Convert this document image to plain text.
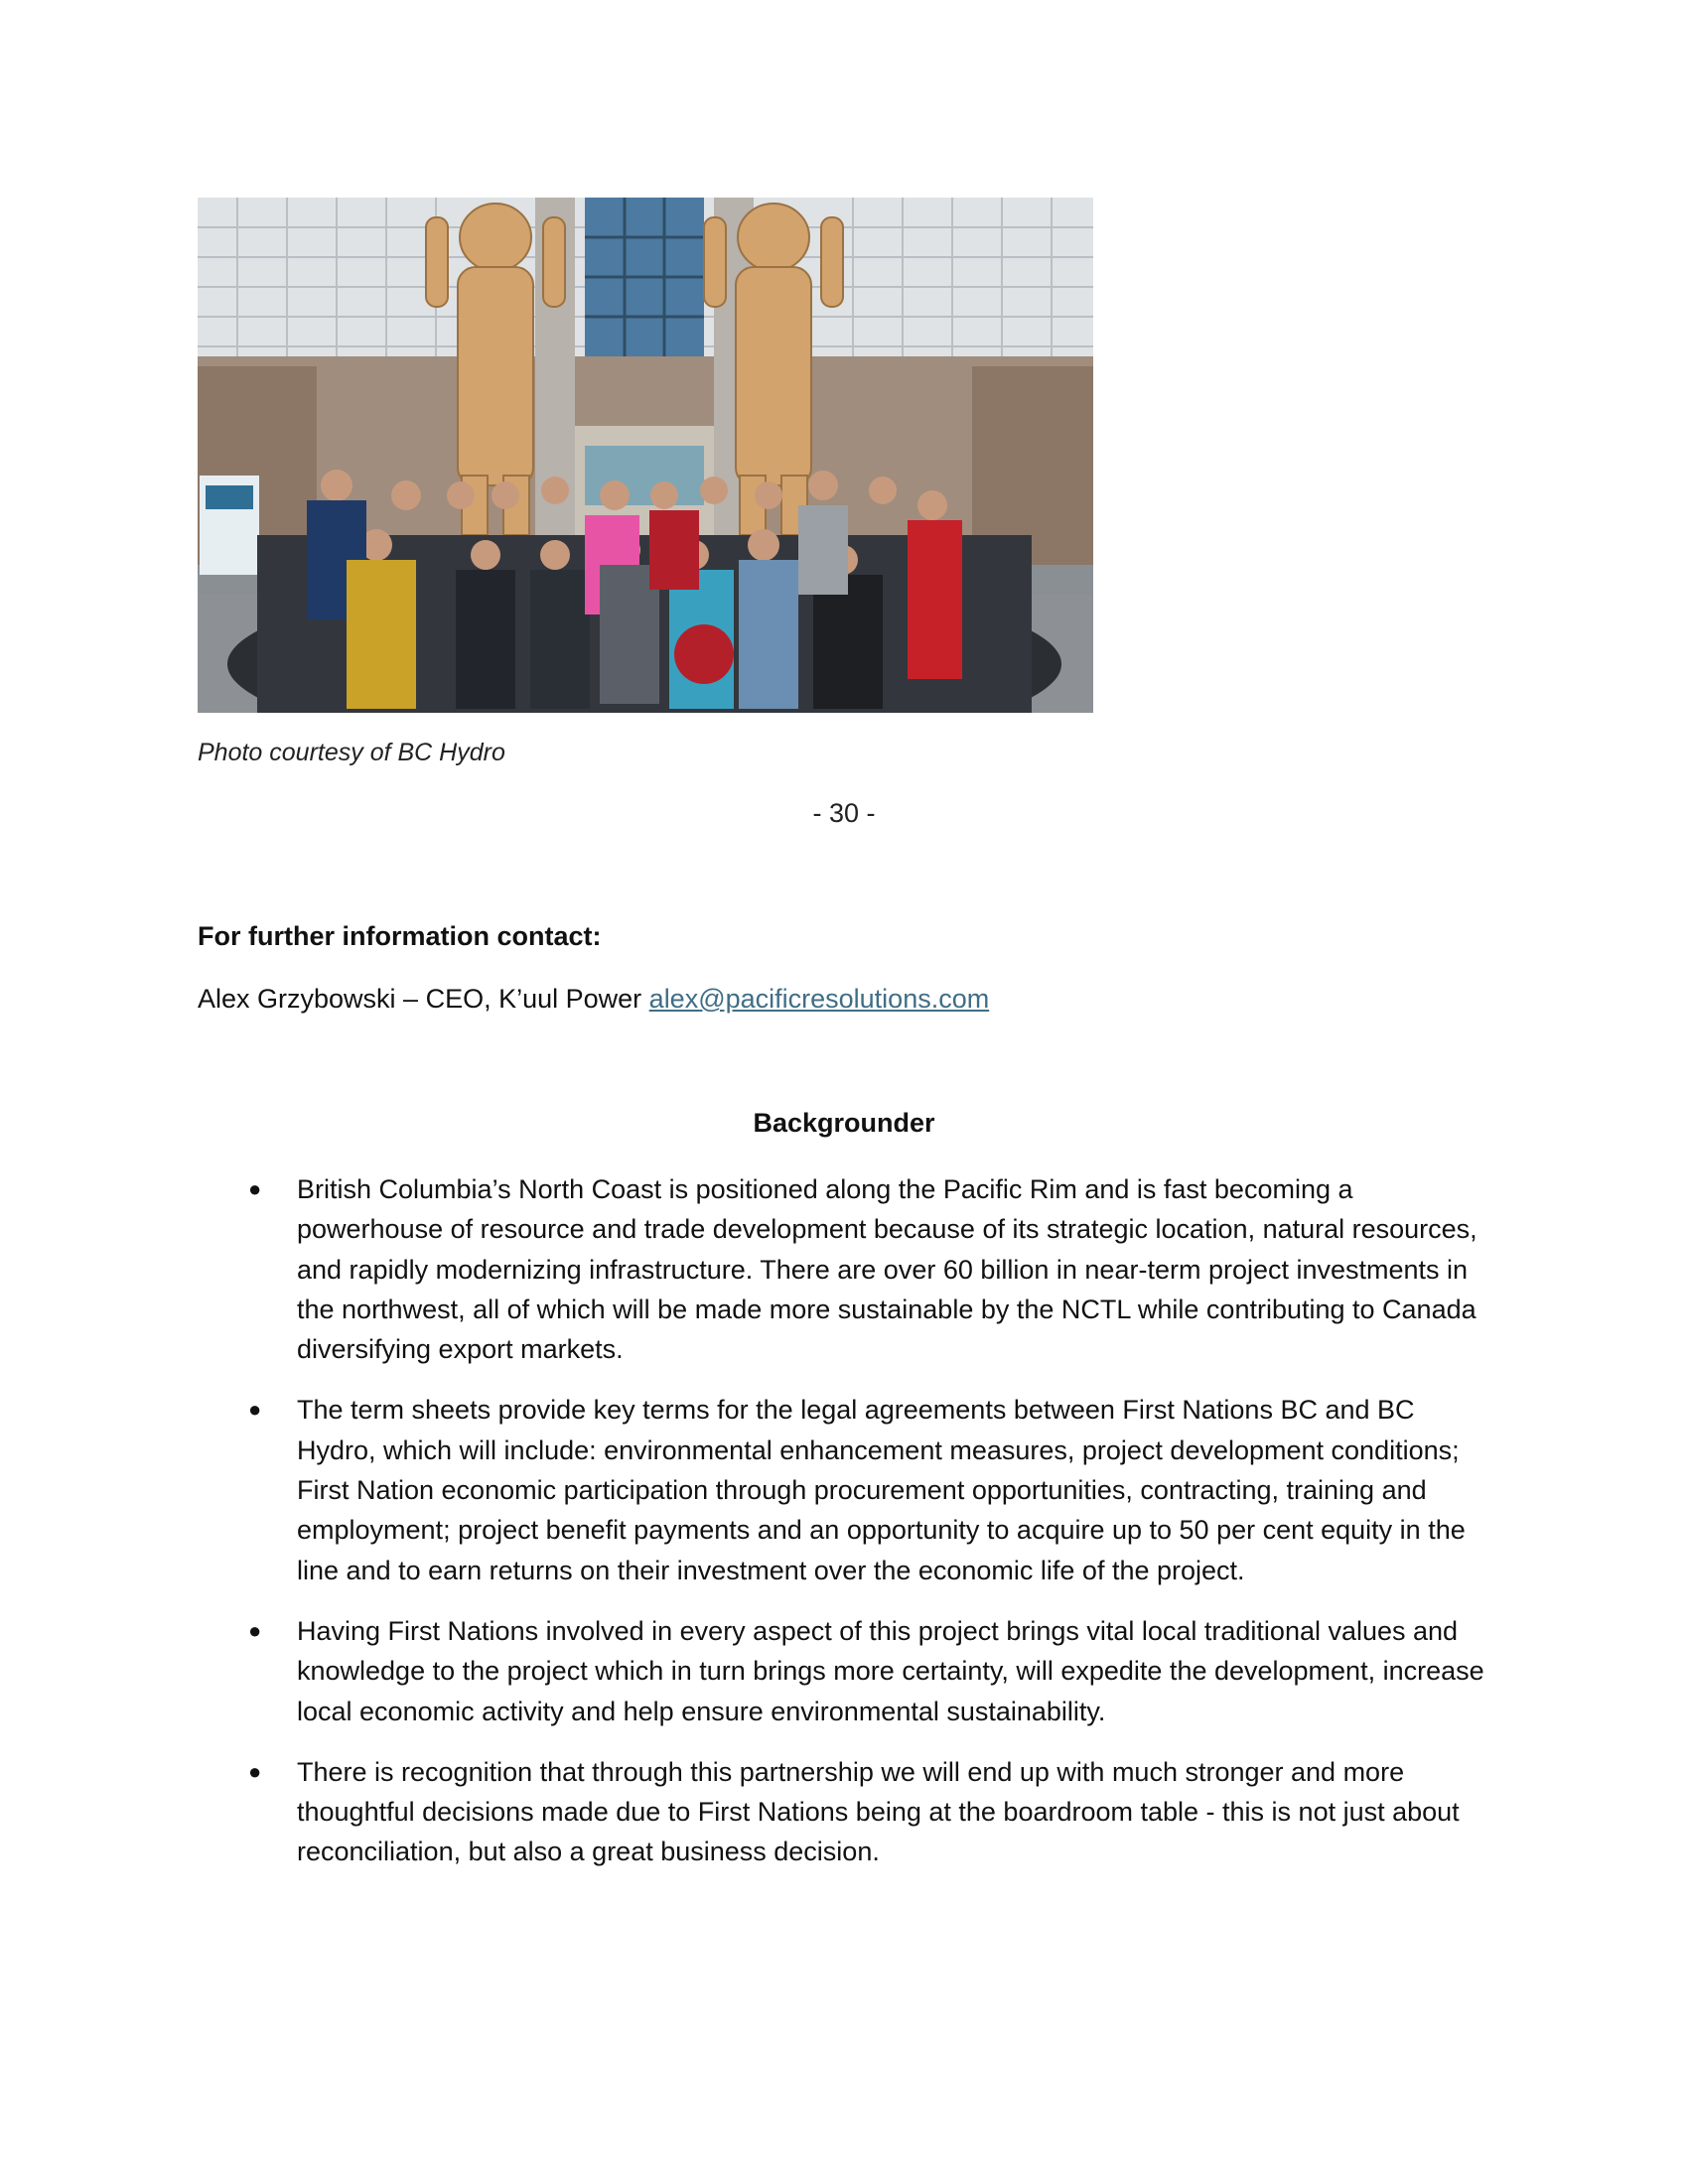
Photo courtesy of BC Hydro
- 30 -
For further information contact:
Alex Grzybowski – CEO, K’uul Power alex@pacificresolutions.com
Backgrounder
● British Columbia’s North Coast is positioned along the Pacific Rim and is fast becoming a powerhouse of resource and trade development because of its strategic location, natural resources, and rapidly modernizing infrastructure. There are over 60 billion in near-term project investments in the northwest, all of which will be made more sustainable by the NCTL while contributing to Canada diversifying export markets.
● The term sheets provide key terms for the legal agreements between First Nations BC and BC Hydro, which will include: environmental enhancement measures, project development conditions; First Nation economic participation through procurement opportunities, contracting, training and employment; project benefit payments and an opportunity to acquire up to 50 per cent equity in the line and to earn returns on their investment over the economic life of the project.
● Having First Nations involved in every aspect of this project brings vital local traditional values and knowledge to the project which in turn brings more certainty, will expedite the development, increase local economic activity and help ensure environmental sustainability.
● There is recognition that through this partnership we will end up with much stronger and more thoughtful decisions made due to First Nations being at the boardroom table - this is not just about reconciliation, but also a great business decision.
